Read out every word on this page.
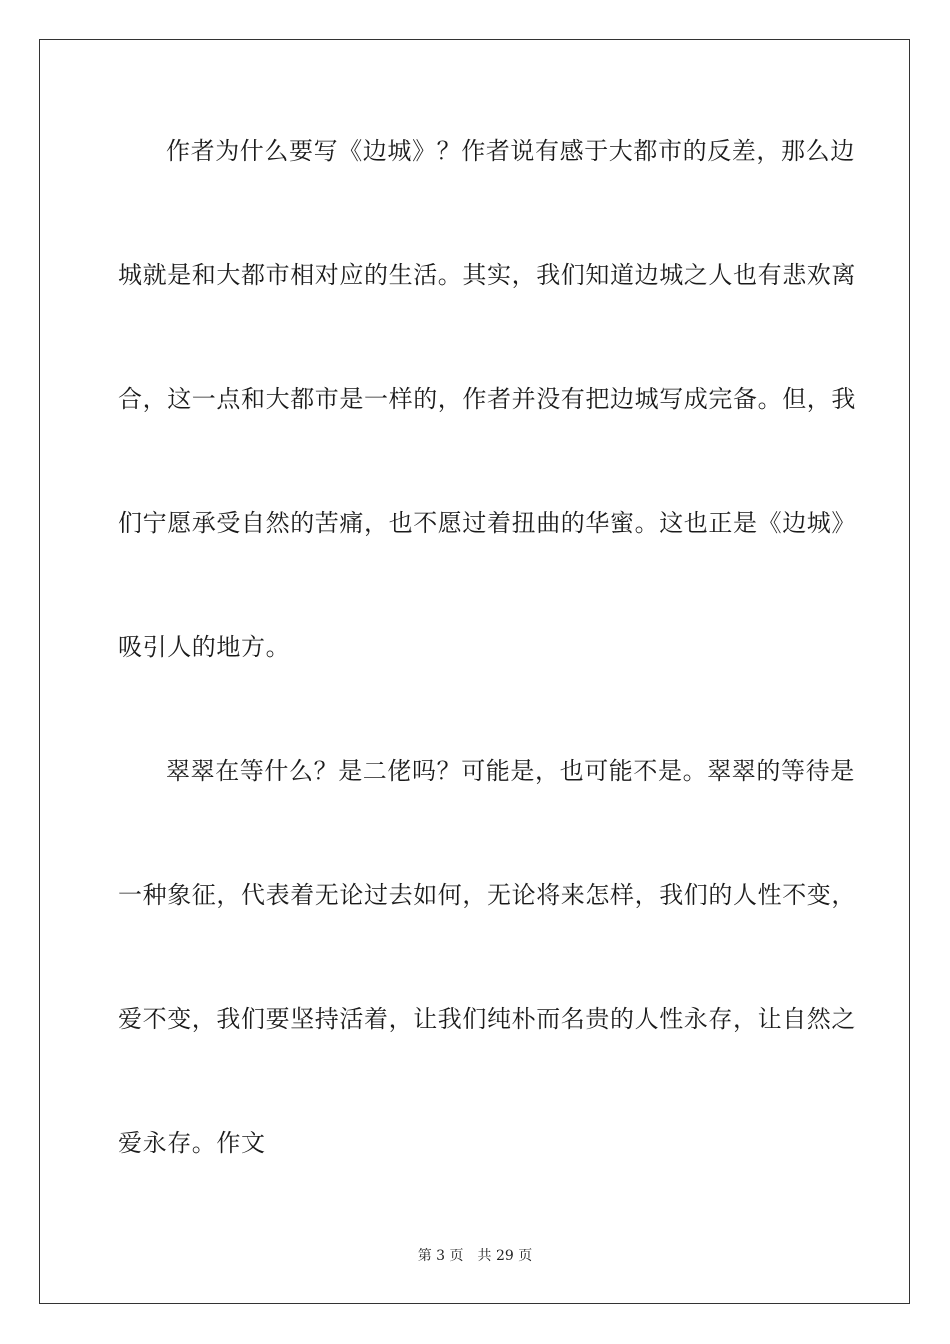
作者为什么要写《边城》？作者说有感于大都市的反差，那么边
城就是和大都市相对应的生活。其实，我们知道边城之人也有悲欢离
合，这一点和大都市是一样的，作者并没有把边城写成完备。但，我
们宁愿承受自然的苦痛，也不愿过着扭曲的华蜜。这也正是《边城》
吸引人的地方。
翠翠在等什么？是二佬吗？可能是，也可能不是。翠翠的等待是
一种象征，代表着无论过去如何，无论将来怎样，我们的人性不变，
爱不变，我们要坚持活着，让我们纯朴而名贵的人性永存，让自然之
爱永存。作文
第 3 页 共 29 页
